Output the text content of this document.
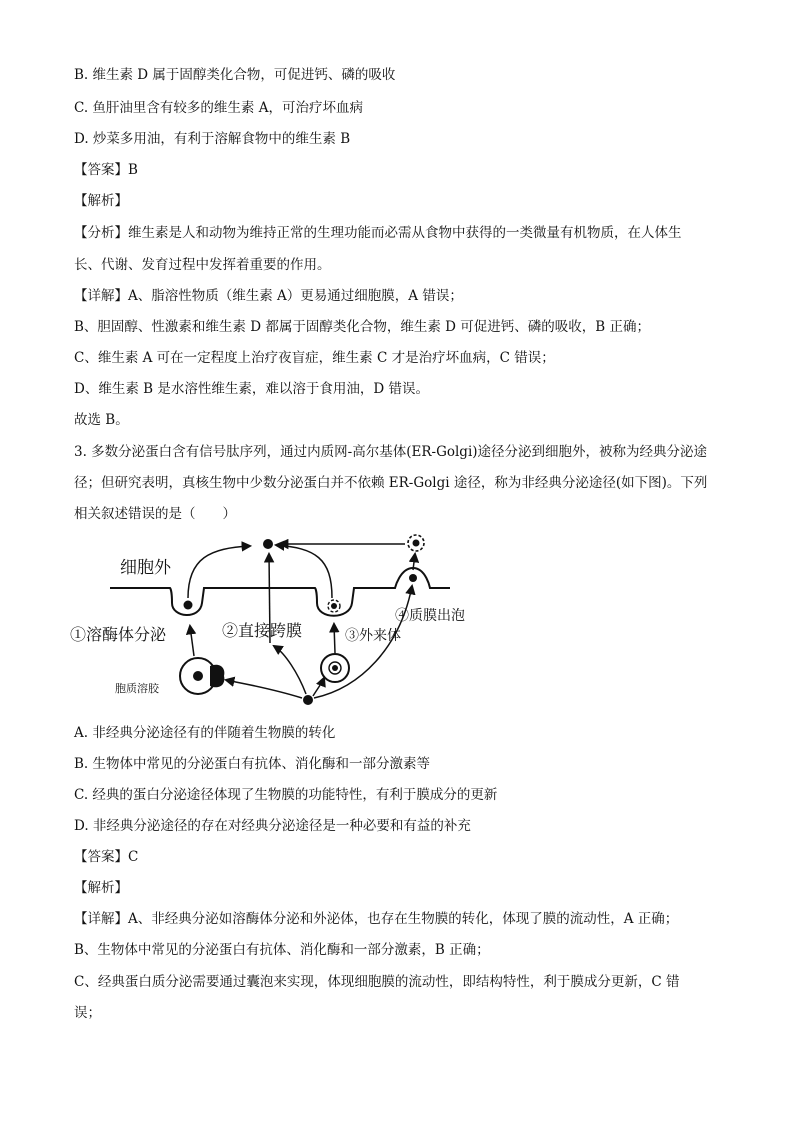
B. 维生素 D 属于固醇类化合物，可促进钙、磷的吸收
C. 鱼肝油里含有较多的维生素 A，可治疗坏血病
D. 炒菜多用油，有利于溶解食物中的维生素 B
【答案】B
【解析】
【分析】维生素是人和动物为维持正常的生理功能而必需从食物中获得的一类微量有机物质，在人体生
长、代谢、发育过程中发挥着重要的作用。
【详解】A、脂溶性物质（维生素 A）更易通过细胞膜，A 错误；
B、胆固醇、性激素和维生素 D 都属于固醇类化合物，维生素 D 可促进钙、磷的吸收，B 正确；
C、维生素 A 可在一定程度上治疗夜盲症，维生素 C 才是治疗坏血病，C 错误；
D、维生素 B 是水溶性维生素，难以溶于食用油，D 错误。
故选 B。
3. 多数分泌蛋白含有信号肽序列，通过内质网-高尔基体(ER-Golgi)途径分泌到细胞外，被称为经典分泌途
径；但研究表明，真核生物中少数分泌蛋白并不依赖 ER-Golgi 途径，称为非经典分泌途径(如下图)。下列
相关叙述错误的是（　　）
细胞外
①溶酶体分泌	②直接跨膜	③外来体
④质膜出泡
胞质溶胶
A. 非经典分泌途径有的伴随着生物膜的转化
B. 生物体中常见的分泌蛋白有抗体、消化酶和一部分激素等
C. 经典的蛋白分泌途径体现了生物膜的功能特性，有利于膜成分的更新
D. 非经典分泌途径的存在对经典分泌途径是一种必要和有益的补充
【答案】C
【解析】
【详解】A、非经典分泌如溶酶体分泌和外泌体，也存在生物膜的转化，体现了膜的流动性，A 正确；
B、生物体中常见的分泌蛋白有抗体、消化酶和一部分激素，B 正确；
C、经典蛋白质分泌需要通过囊泡来实现，体现细胞膜的流动性，即结构特性，利于膜成分更新，C 错
误；
